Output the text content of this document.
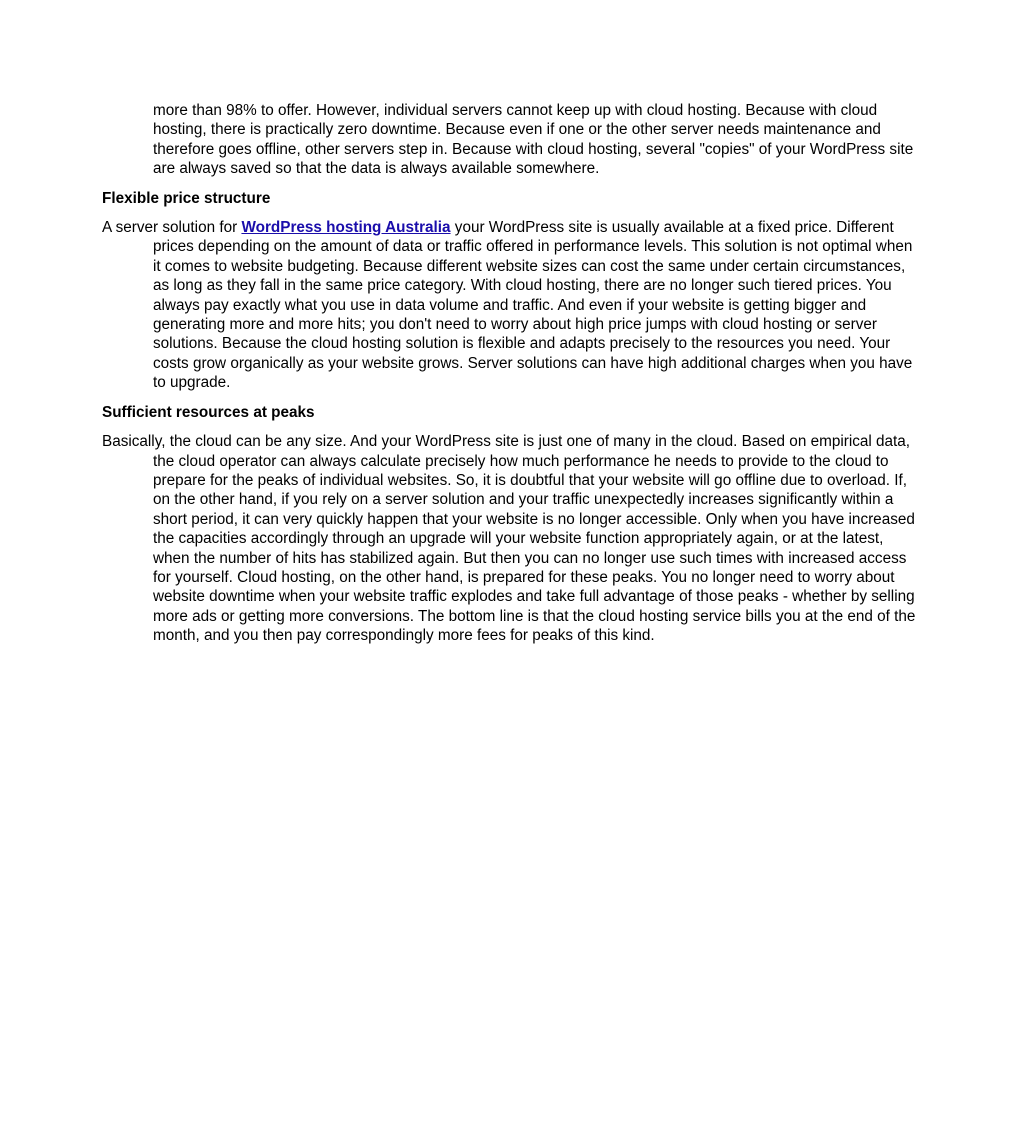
more than 98% to offer. However, individual servers cannot keep up with cloud hosting. Because with cloud hosting, there is practically zero downtime. Because even if one or the other server needs maintenance and therefore goes offline, other servers step in. Because with cloud hosting, several "copies" of your WordPress site are always saved so that the data is always available somewhere.

Flexible price structure

A server solution for WordPress hosting Australia your WordPress site is usually available at a fixed price. Different prices depending on the amount of data or traffic offered in performance levels. This solution is not optimal when it comes to website budgeting. Because different website sizes can cost the same under certain circumstances, as long as they fall in the same price category. With cloud hosting, there are no longer such tiered prices. You always pay exactly what you use in data volume and traffic. And even if your website is getting bigger and generating more and more hits; you don't need to worry about high price jumps with cloud hosting or server solutions. Because the cloud hosting solution is flexible and adapts precisely to the resources you need. Your costs grow organically as your website grows. Server solutions can have high additional charges when you have to upgrade.

Sufficient resources at peaks

Basically, the cloud can be any size. And your WordPress site is just one of many in the cloud. Based on empirical data, the cloud operator can always calculate precisely how much performance he needs to provide to the cloud to prepare for the peaks of individual websites. So, it is doubtful that your website will go offline due to overload. If, on the other hand, if you rely on a server solution and your traffic unexpectedly increases significantly within a short period, it can very quickly happen that your website is no longer accessible. Only when you have increased the capacities accordingly through an upgrade will your website function appropriately again, or at the latest, when the number of hits has stabilized again. But then you can no longer use such times with increased access for yourself. Cloud hosting, on the other hand, is prepared for these peaks. You no longer need to worry about website downtime when your website traffic explodes and take full advantage of those peaks - whether by selling more ads or getting more conversions. The bottom line is that the cloud hosting service bills you at the end of the month, and you then pay correspondingly more fees for peaks of this kind.
